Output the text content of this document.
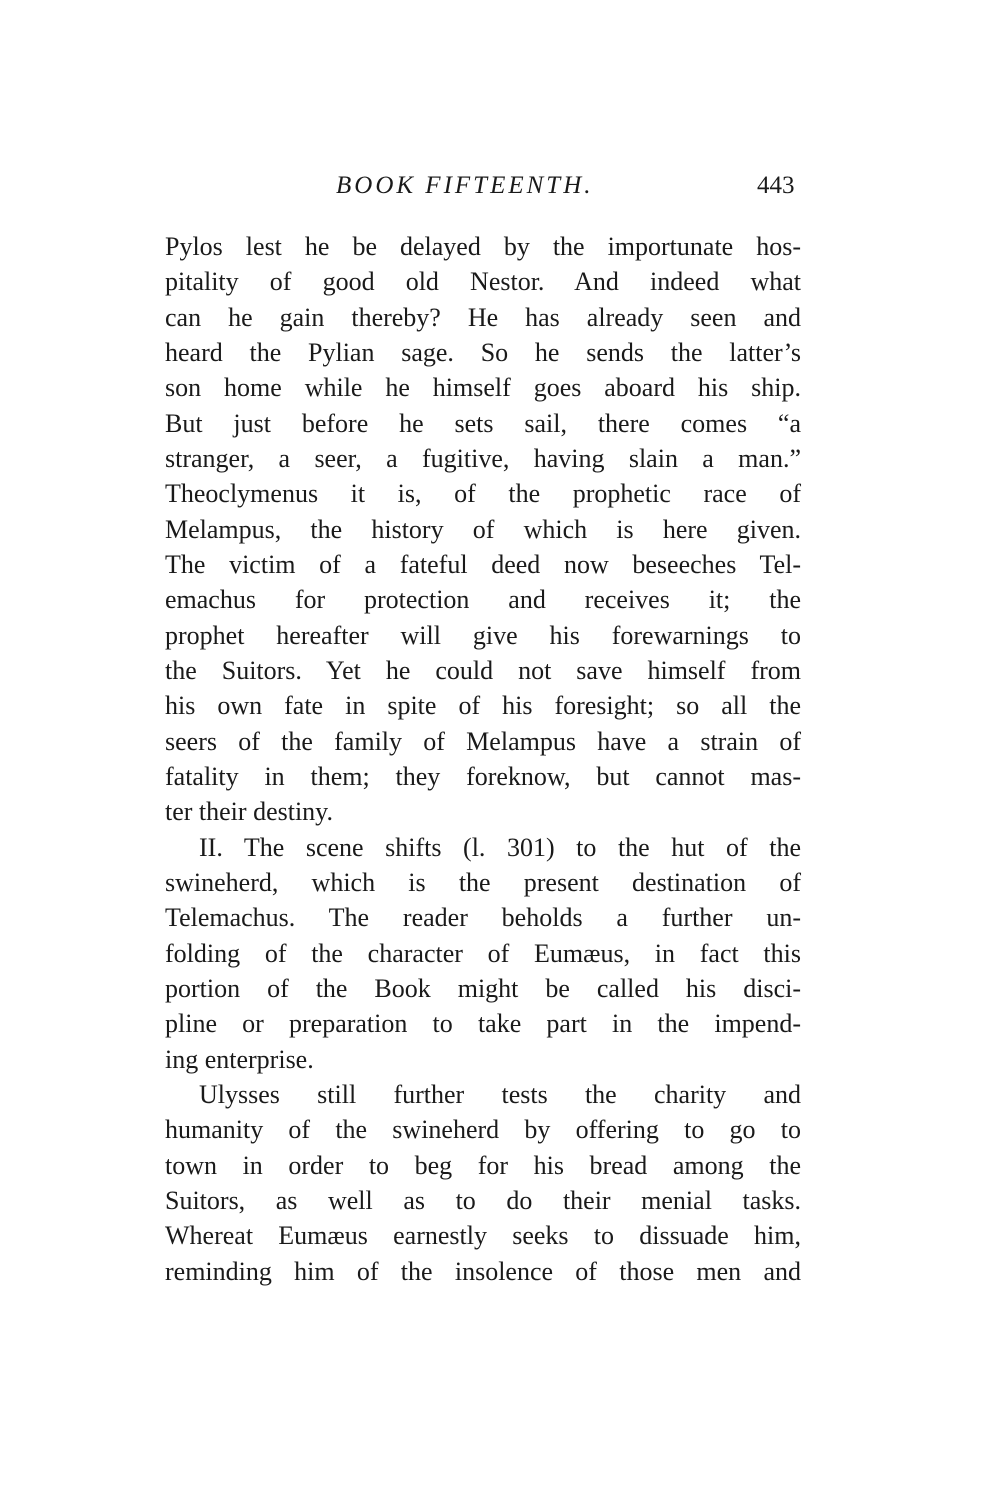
BOOK FIFTEENTH.	443
Pylos lest he be delayed by the importunate hos-
pitality of good old Nestor. And indeed what
can he gain thereby? He has already seen and
heard the Pylian sage. So he sends the latter’s
son home while he himself goes aboard his ship.
But just before he sets sail, there comes “a
stranger, a seer, a fugitive, having slain a man.”
Theoclymenus it is, of the prophetic race of
Melampus, the history of which is here given.
The victim of a fateful deed now beseeches Tel-
emachus for protection and receives it; the
prophet hereafter will give his forewarnings to
the Suitors. Yet he could not save himself from
his own fate in spite of his foresight; so all the
seers of the family of Melampus have a strain of
fatality in them; they foreknow, but cannot mas-
ter their destiny.
II. The scene shifts (l. 301) to the hut of the
swineherd, which is the present destination of
Telemachus. The reader beholds a further un-
folding of the character of Eumæus, in fact this
portion of the Book might be called his disci-
pline or preparation to take part in the impend-
ing enterprise.
Ulysses still further tests the charity and
humanity of the swineherd by offering to go to
town in order to beg for his bread among the
Suitors, as well as to do their menial tasks.
Whereat Eumæus earnestly seeks to dissuade him,
reminding him of the insolence of those men and
